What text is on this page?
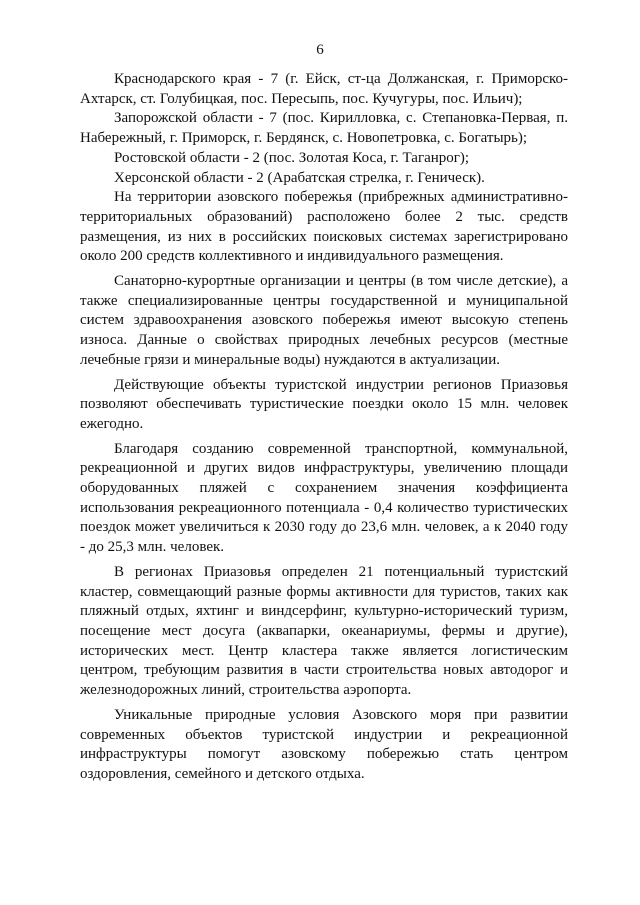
6

Краснодарского края - 7 (г. Ейск, ст-ца Должанская, г. Приморско-Ахтарск, ст. Голубицкая, пос. Пересыпь, пос. Кучугуры, пос. Ильич);

Запорожской области - 7 (пос. Кирилловка, с. Степановка-Первая, п. Набережный, г. Приморск, г. Бердянск, с. Новопетровка, с. Богатырь);

Ростовской области - 2 (пос. Золотая Коса, г. Таганрог);

Херсонской области - 2 (Арабатская стрелка, г. Геническ).

На территории азовского побережья (прибрежных административно-территориальных образований) расположено более 2 тыс. средств размещения, из них в российских поисковых системах зарегистрировано около 200 средств коллективного и индивидуального размещения.

Санаторно-курортные организации и центры (в том числе детские), а также специализированные центры государственной и муниципальной систем здравоохранения азовского побережья имеют высокую степень износа. Данные о свойствах природных лечебных ресурсов (местные лечебные грязи и минеральные воды) нуждаются в актуализации.

Действующие объекты туристской индустрии регионов Приазовья позволяют обеспечивать туристические поездки около 15 млн. человек ежегодно.

Благодаря созданию современной транспортной, коммунальной, рекреационной и других видов инфраструктуры, увеличению площади оборудованных пляжей с сохранением значения коэффициента использования рекреационного потенциала - 0,4 количество туристических поездок может увеличиться к 2030 году до 23,6 млн. человек, а к 2040 году - до 25,3 млн. человек.

В регионах Приазовья определен 21 потенциальный туристский кластер, совмещающий разные формы активности для туристов, таких как пляжный отдых, яхтинг и виндсерфинг, культурно-исторический туризм, посещение мест досуга (аквапарки, океанариумы, фермы и другие), исторических мест. Центр кластера также является логистическим центром, требующим развития в части строительства новых автодорог и железнодорожных линий, строительства аэропорта.

Уникальные природные условия Азовского моря при развитии современных объектов туристской индустрии и рекреационной инфраструктуры помогут азовскому побережью стать центром оздоровления, семейного и детского отдыха.
